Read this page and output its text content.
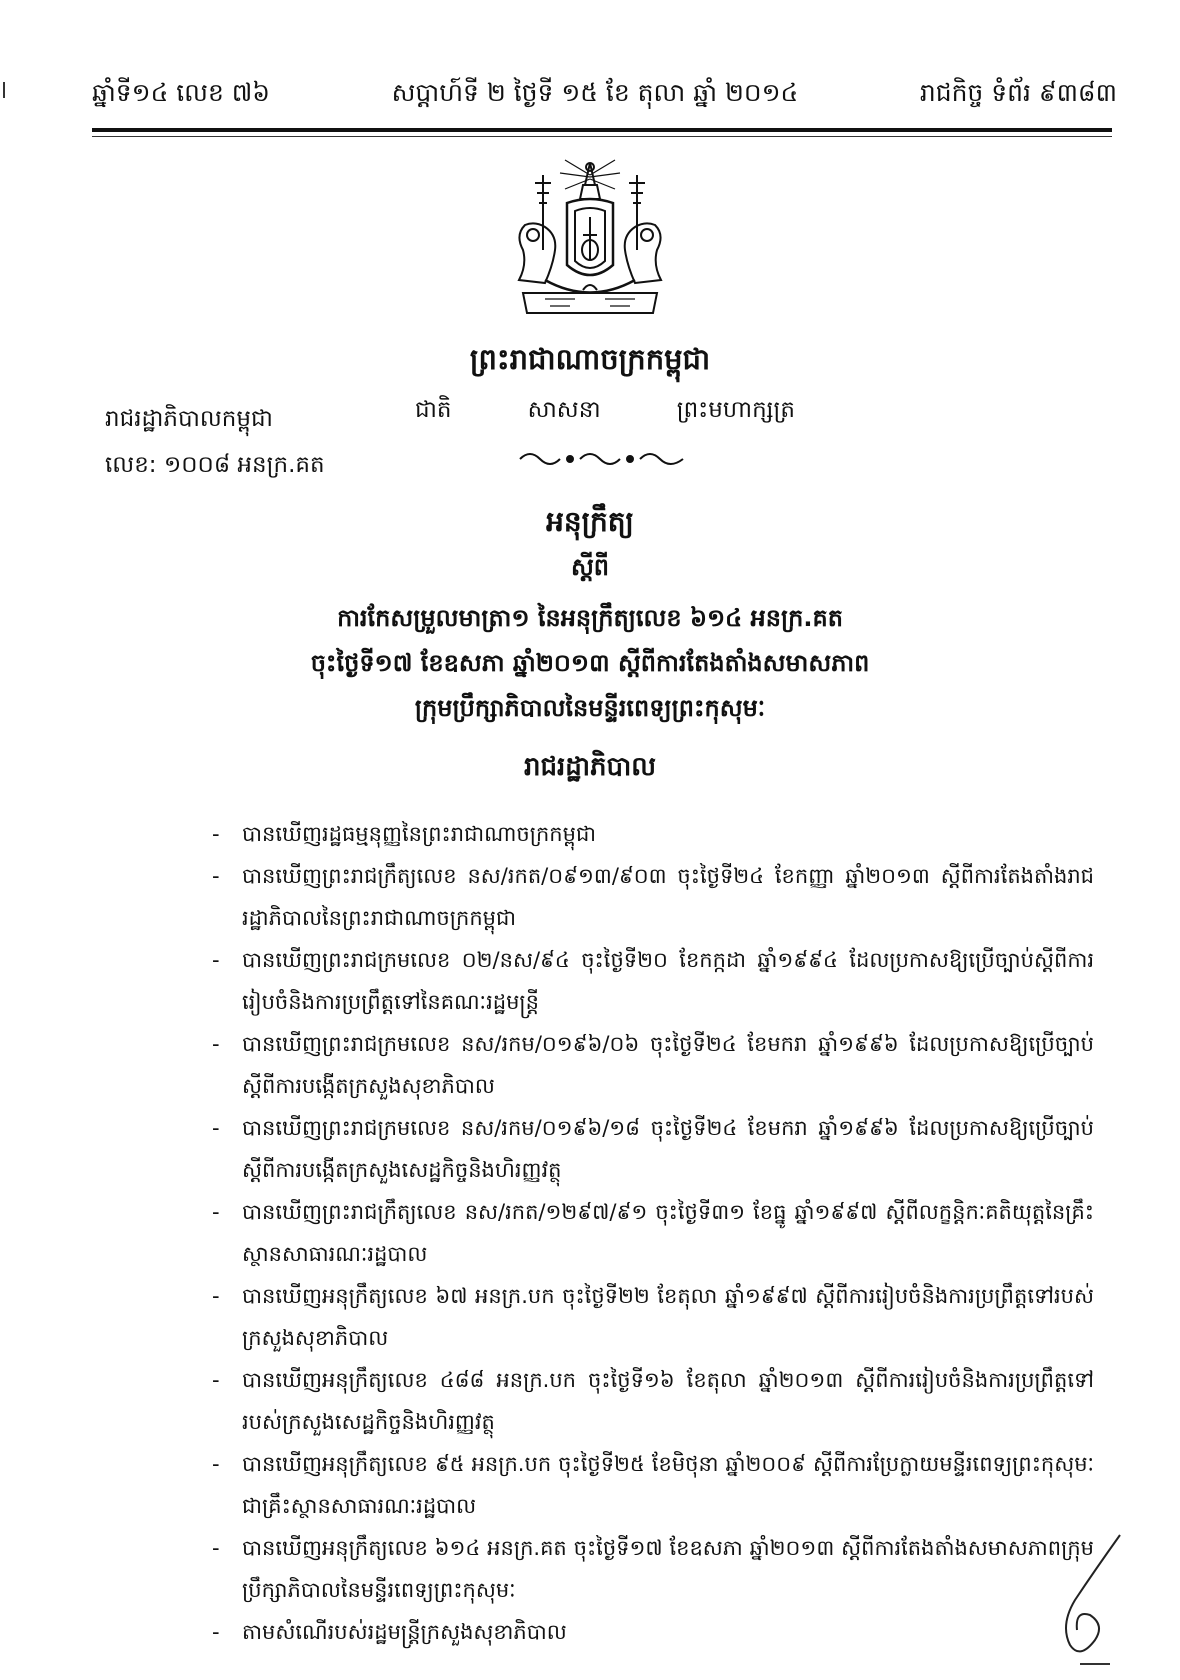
ឆ្នាំទី១៤ លេខ ៧៦	សប្តាហ៍ទី ២ ថ្ងៃទី ១៥ ខែ តុលា ឆ្នាំ ២០១៤	រាជកិច្ច ទំព័រ ៩៣៨៣
ព្រះរាជាណាចក្រកម្ពុជា
រាជរដ្ឋាភិបាលកម្ពុជា
លេខ: ១០០៨ អនក្រ.គត
ជាតិ	សាសនា	ព្រះមហាក្សត្រ
អនុក្រឹត្យ
ស្តីពី
ការកែសម្រួលមាត្រា១ នៃអនុក្រឹត្យលេខ ៦១៤ អនក្រ.គត
ចុះថ្ងៃទី១៧ ខែឧសភា ឆ្នាំ២០១៣ ស្តីពីការតែងតាំងសមាសភាព
ក្រុមប្រឹក្សាភិបាលនៃមន្ទីរពេទ្យព្រះកុសុមៈ
រាជរដ្ឋាភិបាល
- បានឃើញរដ្ឋធម្មនុញ្ញនៃព្រះរាជាណាចក្រកម្ពុជា
- បានឃើញព្រះរាជក្រឹត្យលេខ នស/រកត/០៩១៣/៩០៣ ចុះថ្ងៃទី២៤ ខែកញ្ញា ឆ្នាំ២០១៣ ស្តីពីការតែងតាំងរាជរដ្ឋាភិបាលនៃព្រះរាជាណាចក្រកម្ពុជា
- បានឃើញព្រះរាជក្រមលេខ ០២/នស/៩៤ ចុះថ្ងៃទី២០ ខែកក្កដា ឆ្នាំ១៩៩៤ ដែលប្រកាសឱ្យប្រើច្បាប់ស្តីពីការរៀបចំនិងការប្រព្រឹត្តទៅនៃគណៈរដ្ឋមន្ត្រី
- បានឃើញព្រះរាជក្រមលេខ នស/រកម/០១៩៦/០៦ ចុះថ្ងៃទី២៤ ខែមករា ឆ្នាំ១៩៩៦ ដែលប្រកាសឱ្យប្រើច្បាប់ស្តីពីការបង្កើតក្រសួងសុខាភិបាល
- បានឃើញព្រះរាជក្រមលេខ នស/រកម/០១៩៦/១៨ ចុះថ្ងៃទី២៤ ខែមករា ឆ្នាំ១៩៩៦ ដែលប្រកាសឱ្យប្រើច្បាប់ស្តីពីការបង្កើតក្រសួងសេដ្ឋកិច្ចនិងហិរញ្ញវត្ថុ
- បានឃើញព្រះរាជក្រឹត្យលេខ នស/រកត/១២៩៧/៩១ ចុះថ្ងៃទី៣១ ខែធ្នូ ឆ្នាំ១៩៩៧ ស្តីពីលក្ខន្តិកៈគតិយុត្តនៃគ្រឹះស្ថានសាធារណៈរដ្ឋបាល
- បានឃើញអនុក្រឹត្យលេខ ៦៧ អនក្រ.បក ចុះថ្ងៃទី២២ ខែតុលា ឆ្នាំ១៩៩៧ ស្តីពីការរៀបចំនិងការប្រព្រឹត្តទៅរបស់ក្រសួងសុខាភិបាល
- បានឃើញអនុក្រឹត្យលេខ ៤៨៨ អនក្រ.បក ចុះថ្ងៃទី១៦ ខែតុលា ឆ្នាំ២០១៣ ស្តីពីការរៀបចំនិងការប្រព្រឹត្តទៅរបស់ក្រសួងសេដ្ឋកិច្ចនិងហិរញ្ញវត្ថុ
- បានឃើញអនុក្រឹត្យលេខ ៩៥ អនក្រ.បក ចុះថ្ងៃទី២៥ ខែមិថុនា ឆ្នាំ២០០៩ ស្តីពីការប្រែក្លាយមន្ទីរពេទ្យព្រះកុសុមៈ ជាគ្រឹះស្ថានសាធារណៈរដ្ឋបាល
- បានឃើញអនុក្រឹត្យលេខ ៦១៤ អនក្រ.គត ចុះថ្ងៃទី១៧ ខែឧសភា ឆ្នាំ២០១៣ ស្តីពីការតែងតាំងសមាសភាពក្រុមប្រឹក្សាភិបាលនៃមន្ទីរពេទ្យព្រះកុសុមៈ
- តាមសំណើរបស់រដ្ឋមន្ត្រីក្រសួងសុខាភិបាល
